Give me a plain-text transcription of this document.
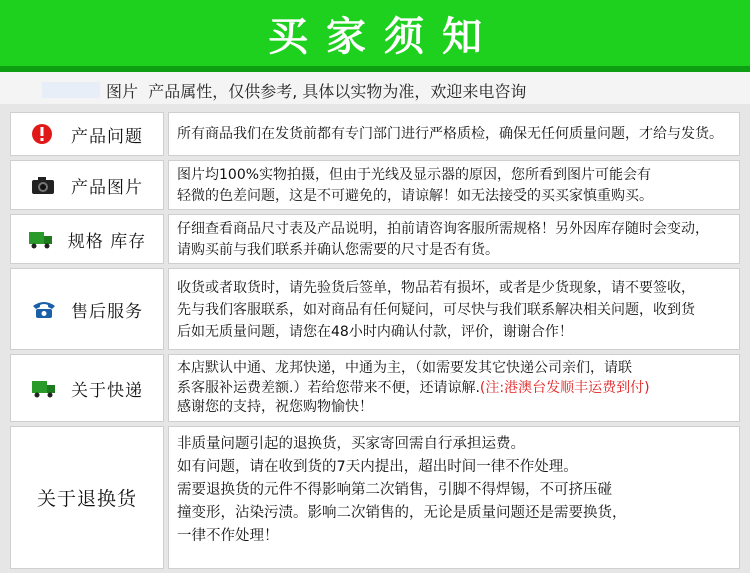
买家须知
图片 产品属性，仅供参考, 具体以实物为准，欢迎来电咨询
产品问题 所有商品我们在发货前都有专门部门进行严格质检，确保无任何质量问题，才给与发货。
产品图片
图片均100%实物拍摄，但由于光线及显示器的原因，您所看到图片可能会有
轻微的色差问题，这是不可避免的，请谅解！如无法接受的买买家慎重购买。
规格 库存
仔细查看商品尺寸表及产品说明，拍前请咨询客服所需规格！另外因库存随时会变动，
请购买前与我们联系并确认您需要的尺寸是否有货。
售后服务
收货或者取货时，请先验货后签单，物品若有损坏，或者是少货现象，请不要签收，
先与我们客服联系，如对商品有任何疑问，可尽快与我们联系解决相关问题，收到货
后如无质量问题，请您在48小时内确认付款，评价，谢谢合作！
关于快递
本店默认中通、龙邦快递，中通为主，（如需要发其它快递公司亲们，请联
系客服补运费差额.）若给您带来不便，还请谅解.(注:港澳台发顺丰运费到付)
感谢您的支持，祝您购物愉快！
关于退换货
非质量问题引起的退换货，买家寄回需自行承担运费。
如有问题，请在收到货的7天内提出，超出时间一律不作处理。
需要退换货的元件不得影响第二次销售，引脚不得焊锡，不可挤压碰
撞变形，沾染污渍。影响二次销售的，无论是质量问题还是需要换货，
一律不作处理！
